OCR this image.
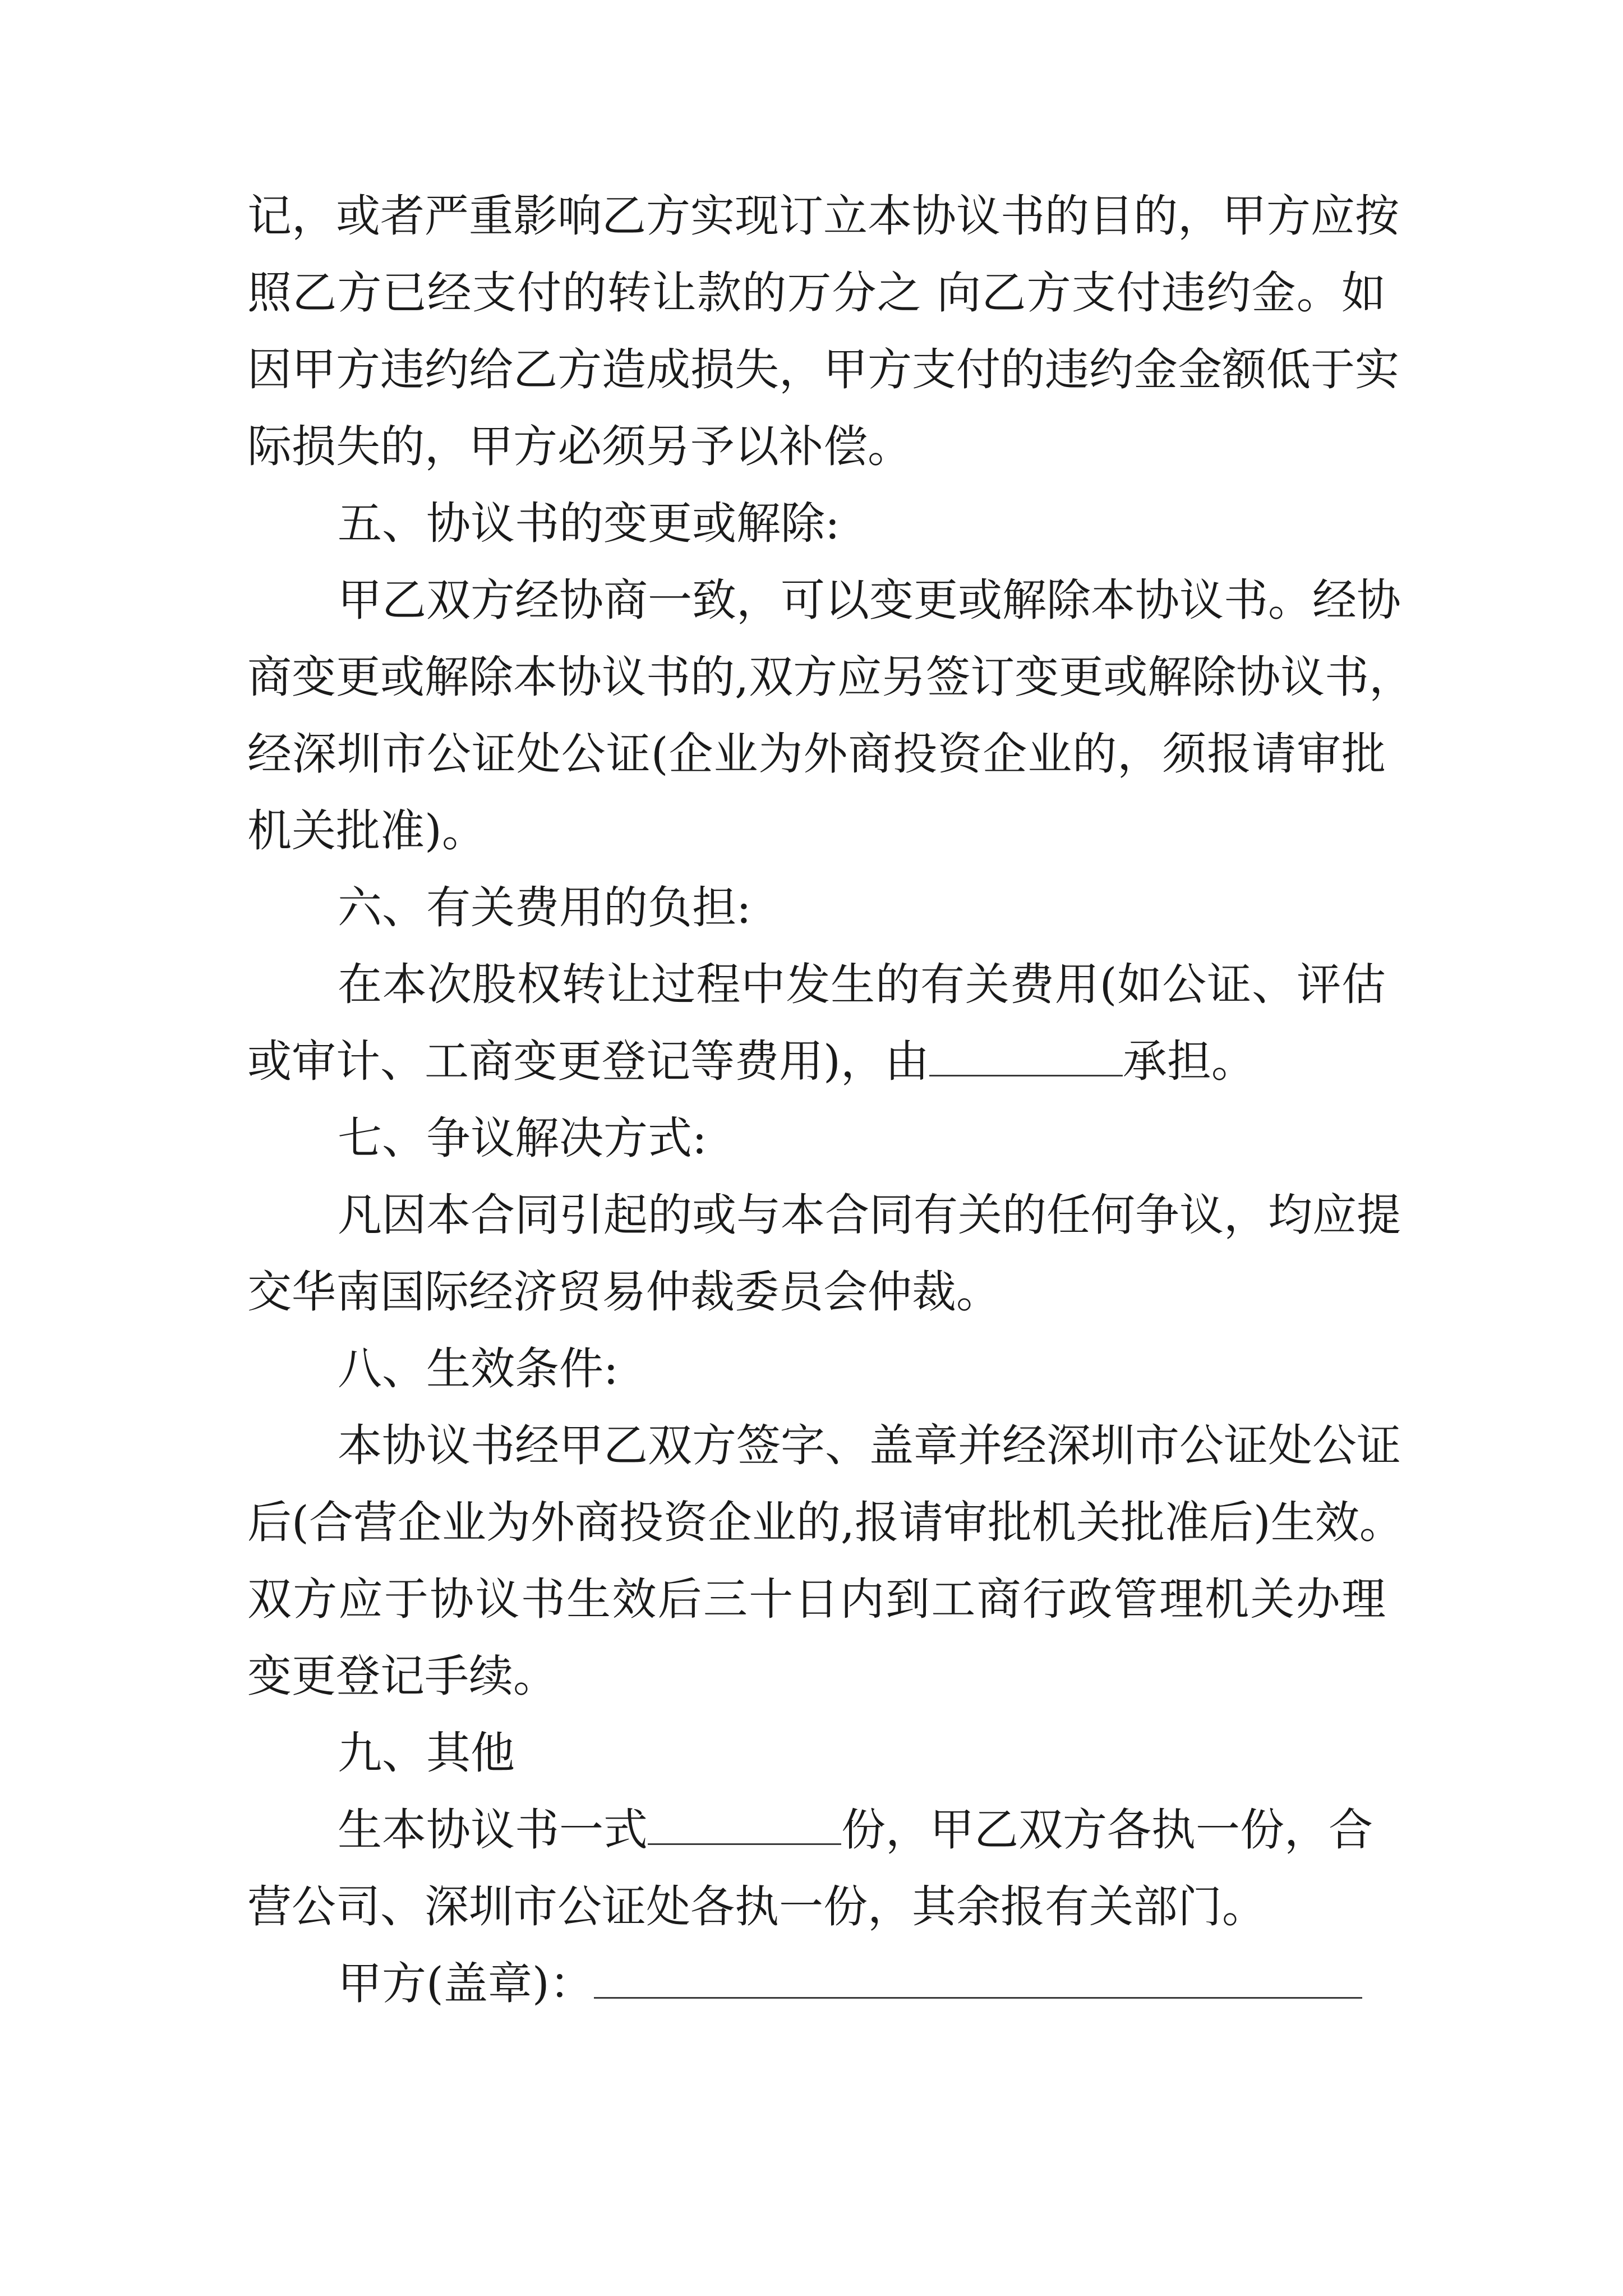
记，或者严重影响乙方实现订立本协议书的目的，甲方应按
照乙方已经支付的转让款的万分之 向乙方支付违约金。如
因甲方违约给乙方造成损失，甲方支付的违约金金额低于实
际损失的，甲方必须另予以补偿。
五、协议书的变更或解除:
甲乙双方经协商一致，可以变更或解除本协议书。经协
商变更或解除本协议书的,双方应另签订变更或解除协议书，
经深圳市公证处公证(企业为外商投资企业的，须报请审批
机关批准)。
六、有关费用的负担:
在本次股权转让过程中发生的有关费用(如公证、评估
或审计、工商变更登记等费用)，由	承担。
七、争议解决方式:
凡因本合同引起的或与本合同有关的任何争议，均应提
交华南国际经济贸易仲裁委员会仲裁。
八、生效条件:
本协议书经甲乙双方签字、盖章并经深圳市公证处公证
后(合营企业为外商投资企业的,报请审批机关批准后)生效。
双方应于协议书生效后三十日内到工商行政管理机关办理
变更登记手续。
九、其他
生本协议书一式	份，甲乙双方各执一份，合
营公司、深圳市公证处各执一份，其余报有关部门。
甲方(盖章)：
